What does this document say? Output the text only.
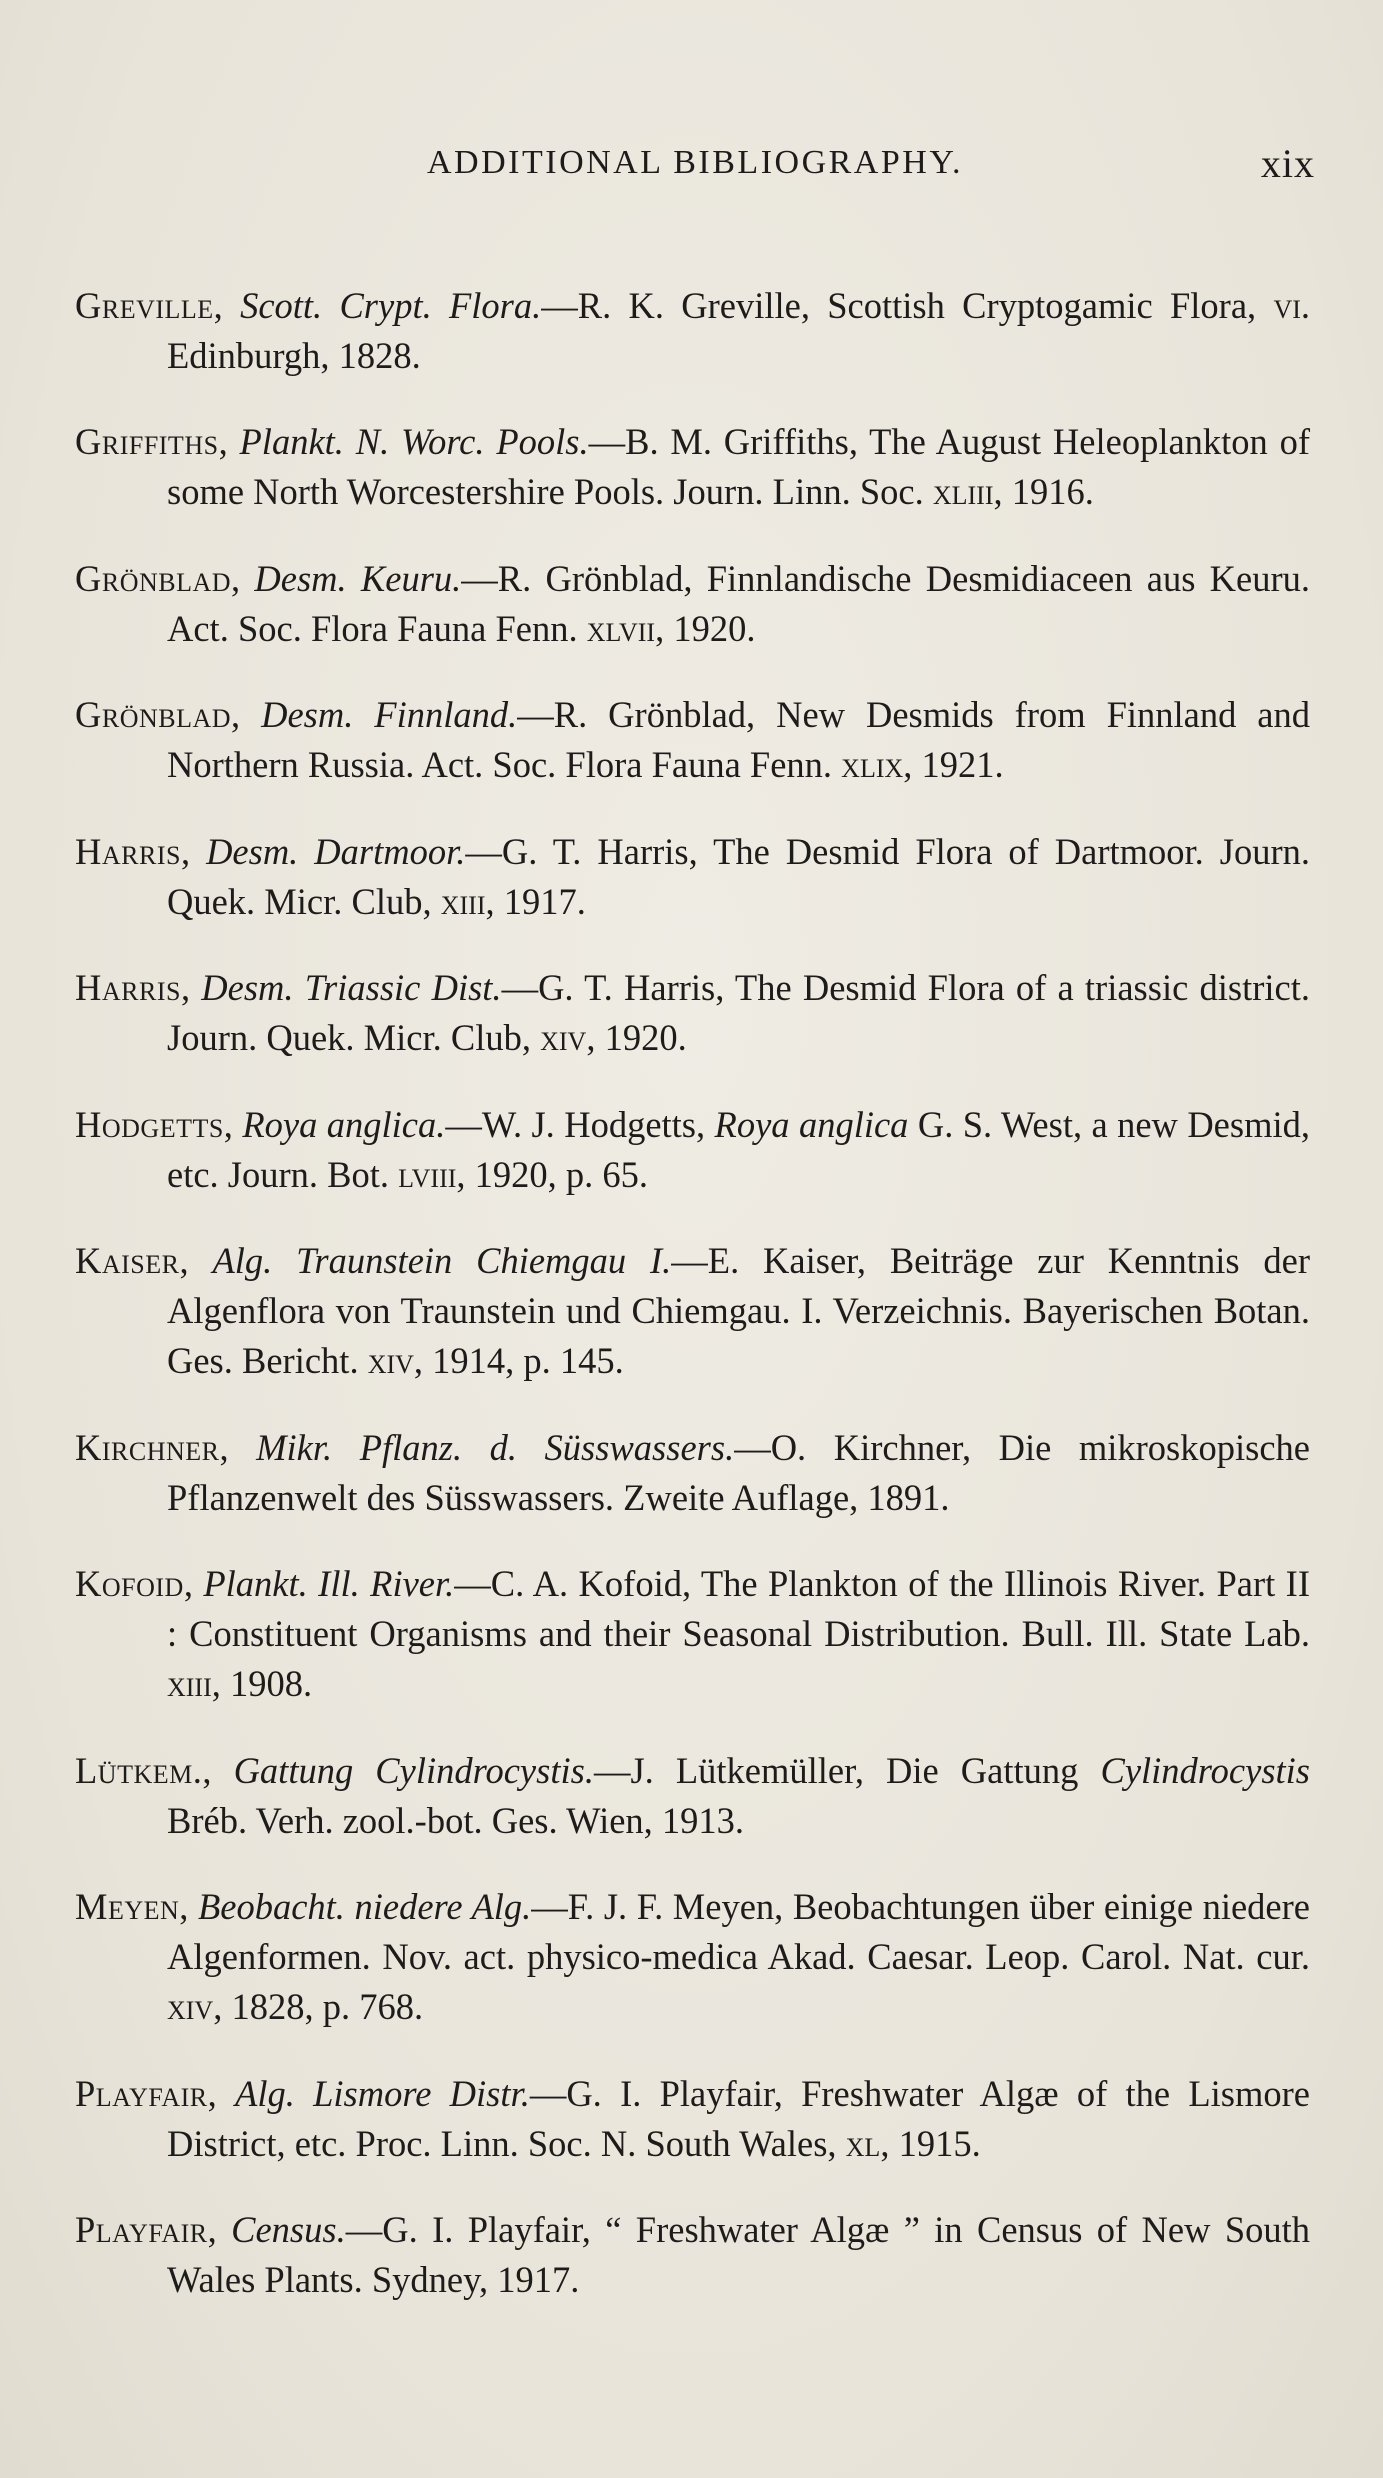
ADDITIONAL BIBLIOGRAPHY.	xix

Greville, Scott. Crypt. Flora.—R. K. Greville, Scottish Cryptogamic Flora, vi. Edinburgh, 1828.

Griffiths, Plankt. N. Worc. Pools.—B. M. Griffiths, The August Heleoplankton of some North Worcestershire Pools. Journ. Linn. Soc. xliii, 1916.

Grönblad, Desm. Keuru.—R. Grönblad, Finnlandische Desmidiaceen aus Keuru. Act. Soc. Flora Fauna Fenn. xlvii, 1920.

Grönblad, Desm. Finnland.—R. Grönblad, New Desmids from Finnland and Northern Russia. Act. Soc. Flora Fauna Fenn. xlix, 1921.

Harris, Desm. Dartmoor.—G. T. Harris, The Desmid Flora of Dartmoor. Journ. Quek. Micr. Club, xiii, 1917.

Harris, Desm. Triassic Dist.—G. T. Harris, The Desmid Flora of a triassic district. Journ. Quek. Micr. Club, xiv, 1920.

Hodgetts, Roya anglica.—W. J. Hodgetts, Roya anglica G. S. West, a new Desmid, etc. Journ. Bot. lviii, 1920, p. 65.

Kaiser, Alg. Traunstein Chiemgau I.—E. Kaiser, Beiträge zur Kenntnis der Algenflora von Traunstein und Chiemgau. I. Verzeichnis. Bayerischen Botan. Ges. Bericht. xiv, 1914, p. 145.

Kirchner, Mikr. Pflanz. d. Süsswassers.—O. Kirchner, Die mikroskopische Pflanzenwelt des Süsswassers. Zweite Auflage, 1891.

Kofoid, Plankt. Ill. River.—C. A. Kofoid, The Plankton of the Illinois River. Part II : Constituent Organisms and their Seasonal Distribution. Bull. Ill. State Lab. xiii, 1908.

Lütkem., Gattung Cylindrocystis.—J. Lütkemüller, Die Gattung Cylindrocystis Bréb. Verh. zool.-bot. Ges. Wien, 1913.

Meyen, Beobacht. niedere Alg.—F. J. F. Meyen, Beobachtungen über einige niedere Algenformen. Nov. act. physico-medica Akad. Caesar. Leop. Carol. Nat. cur. xiv, 1828, p. 768.

Playfair, Alg. Lismore Distr.—G. I. Playfair, Freshwater Algæ of the Lismore District, etc. Proc. Linn. Soc. N. South Wales, xl, 1915.

Playfair, Census.—G. I. Playfair, “ Freshwater Algæ ” in Census of New South Wales Plants. Sydney, 1917.
